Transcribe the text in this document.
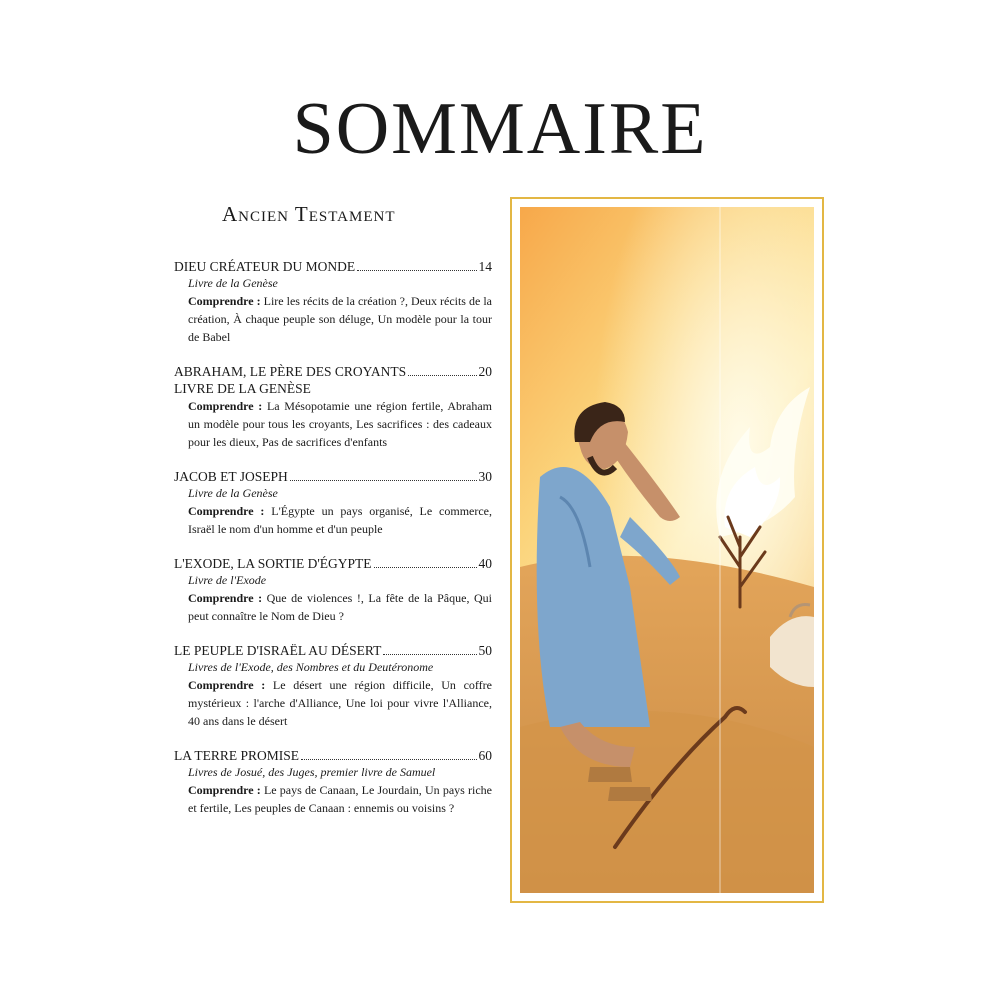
SOMMAIRE
Ancien Testament
DIEU CRÉATEUR DU MONDE	14
Livre de la Genèse
Comprendre : Lire les récits de la création ?, Deux récits de la création, À chaque peuple son déluge, Un modèle pour la tour de Babel
ABRAHAM, LE PÈRE DES CROYANTS	20
LIVRE DE LA GENÈSE
Comprendre : La Mésopotamie une région fertile, Abraham un modèle pour tous les croyants, Les sacrifices : des cadeaux pour les dieux, Pas de sacrifices d'enfants
JACOB ET JOSEPH	30
Livre de la Genèse
Comprendre : L'Égypte un pays organisé, Le commerce, Israël le nom d'un homme et d'un peuple
L'EXODE, LA SORTIE D'ÉGYPTE	40
Livre de l'Exode
Comprendre : Que de violences !, La fête de la Pâque, Qui peut connaître le Nom de Dieu ?
LE PEUPLE D'ISRAËL AU DÉSERT	50
Livres de l'Exode, des Nombres et du Deutéronome
Comprendre : Le désert une région difficile, Un coffre mystérieux : l'arche d'Alliance, Une loi pour vivre l'Alliance, 40 ans dans le désert
LA TERRE PROMISE	60
Livres de Josué, des Juges, premier livre de Samuel
Comprendre : Le pays de Canaan, Le Jourdain, Un pays riche et fertile, Les peuples de Canaan : ennemis ou voisins ?
